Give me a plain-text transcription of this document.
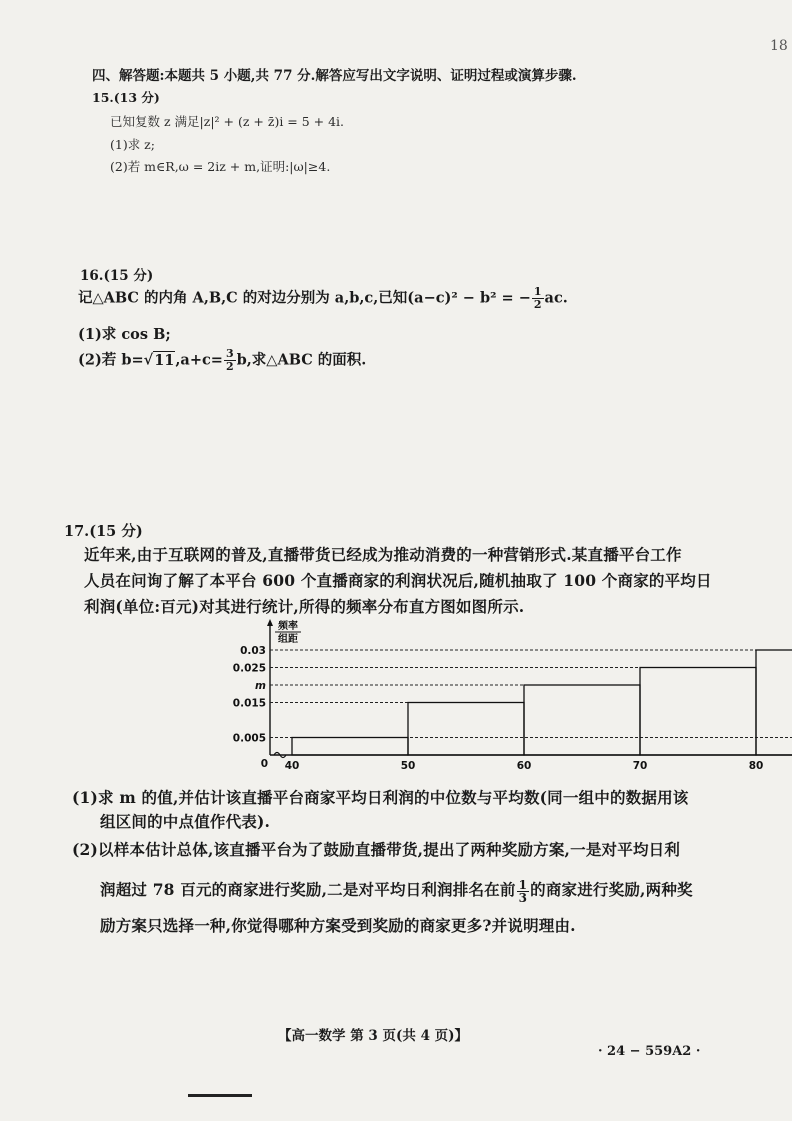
18
四、解答题:本题共 5 小题,共 77 分.解答应写出文字说明、证明过程或演算步骤.
15.(13 分)
已知复数 z 满足|z|² + (z + z̄)i = 5 + 4i.
(1)求 z;
(2)若 m∈R,ω = 2iz + m,证明:|ω|≥4.
16.(15 分)
记△ABC 的内角 A,B,C 的对边分别为 a,b,c,已知(a−c)² − b² = − $\frac{1}{2}$ ac.
(1)求 cos B;
(2)若 $b=√11,a+c= \frac{3}{2} b$,求△ABC 的面积.
17.(15 分)
近年来,由于互联网的普及,直播带货已经成为推动消费的一种营销形式.某直播平台工作
人员在问询了解了本平台 600 个直播商家的利润状况后,随机抽取了 100 个商家的平均日
利润(单位:百元)对其进行统计,所得的频率分布直方图如图所示.
0.005
0.015
m
0.025
0.03
40	50	60	70	80
0
频率
组距
(1)求 m 的值,并估计该直播平台商家平均日利润的中位数与平均数(同一组中的数据用该
组区间的中点值作代表).
(2)以样本估计总体,该直播平台为了鼓励直播带货,提出了两种奖励方案,一是对平均日利
润超过 78 百元的商家进行奖励,二是对平均日利润排名在前 $\frac{1}{3}$ 的商家进行奖励,两种奖
励方案只选择一种,你觉得哪种方案受到奖励的商家更多?并说明理由.
【高一数学 第 3 页(共 4 页)】
· 24 − 559A2 ·
